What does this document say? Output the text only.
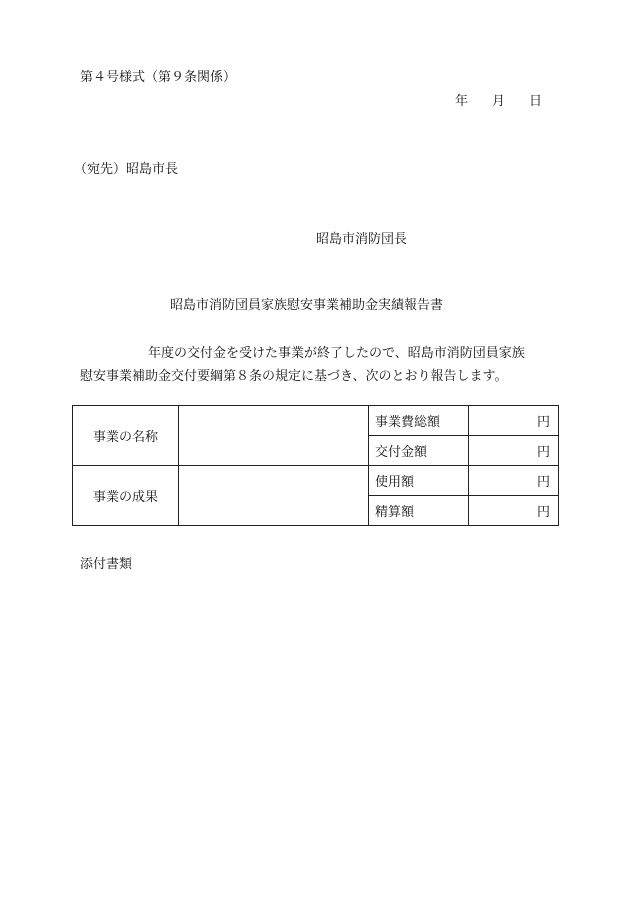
第４号様式（第９条関係）
年 月 日
（宛先）昭島市長
昭島市消防団長
昭島市消防団員家族慰安事業補助金実績報告書
年度の交付金を受けた事業が終了したので、昭島市消防団員家族
慰安事業補助金交付要綱第８条の規定に基づき、次のとおり報告します。
事業の名称		事業費総額	円
		交付金額	円
事業の成果		使用額	円
		精算額	円
添付書類
